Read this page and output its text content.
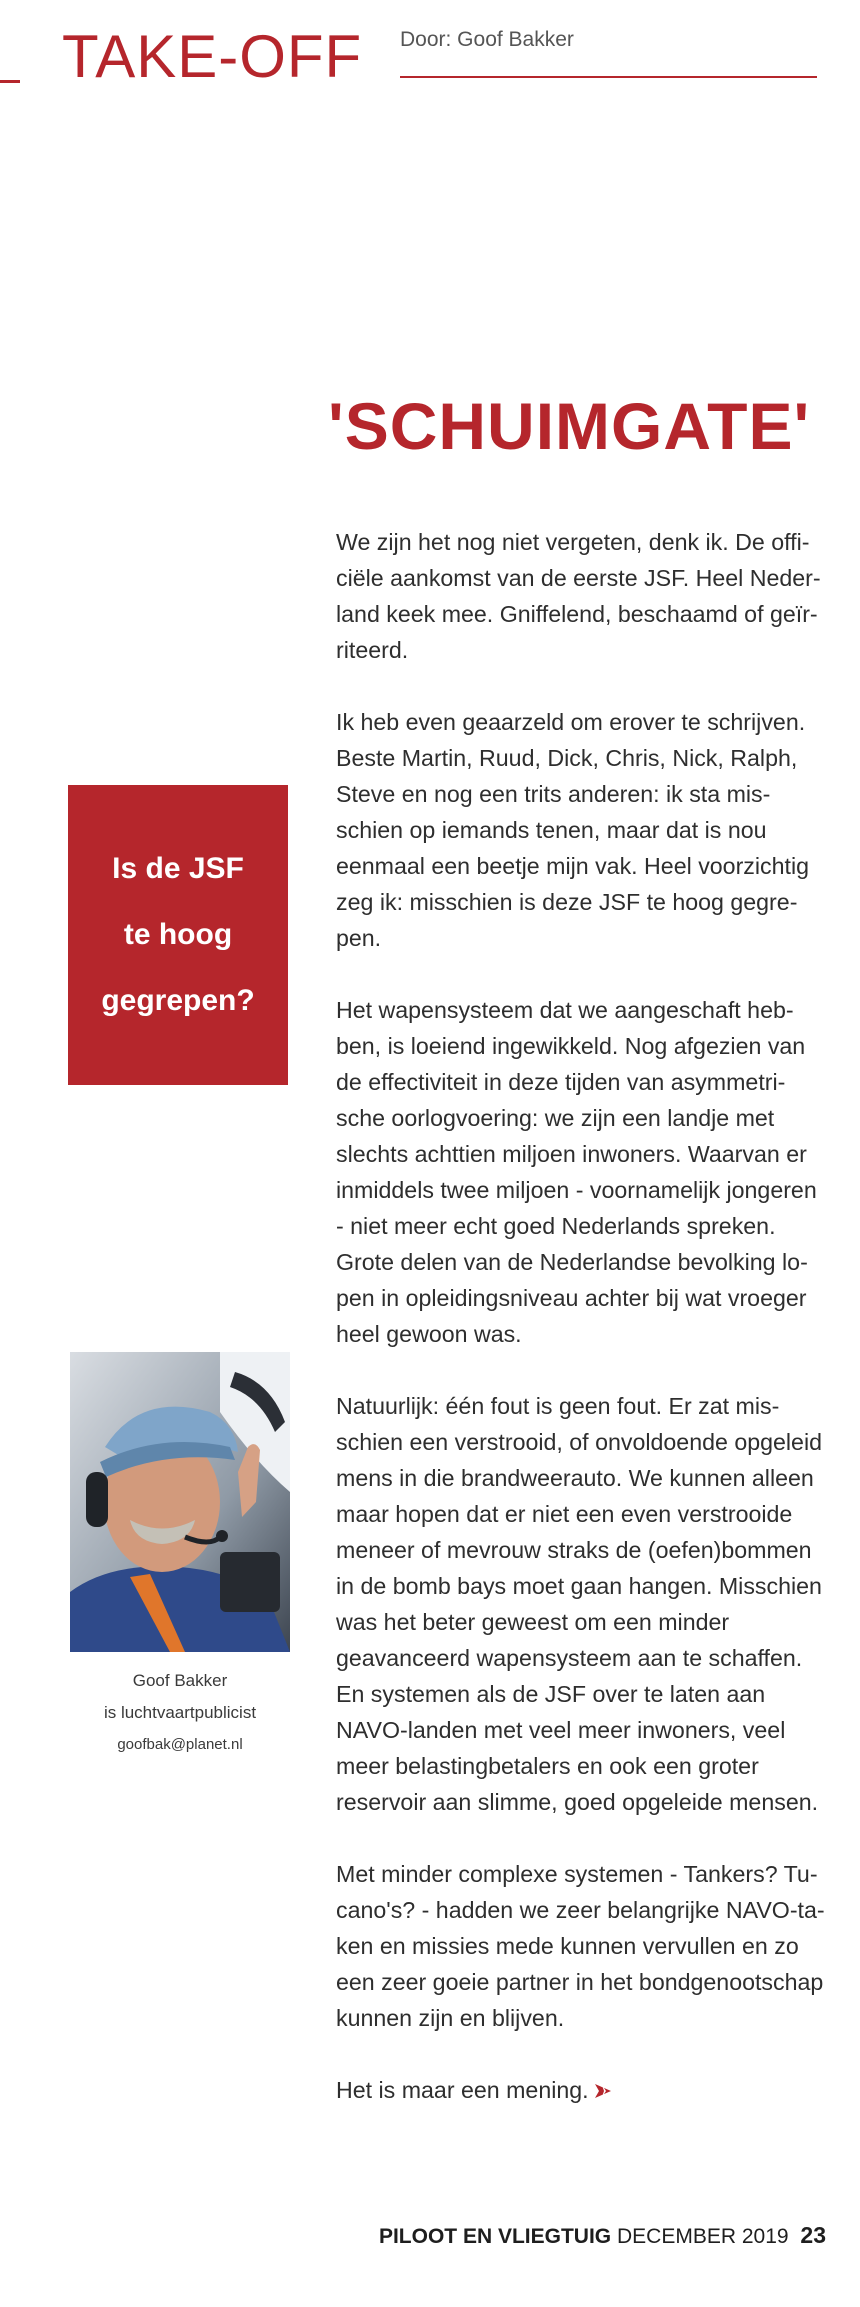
TAKE-OFF Door: Goof Bakker
'SCHUIMGATE'
Is de JSF
te hoog
gegrepen?
Goof Bakker
is luchtvaartpublicist
goofbak@planet.nl

We zijn het nog niet vergeten, denk ik. De officiële aankomst van de eerste JSF. Heel Nederland keek mee. Gniffelend, beschaamd of geïrriteerd.

Ik heb even geaarzeld om erover te schrijven. Beste Martin, Ruud, Dick, Chris, Nick, Ralph, Steve en nog een trits anderen: ik sta misschien op iemands tenen, maar dat is nou eenmaal een beetje mijn vak. Heel voorzichtig zeg ik: misschien is deze JSF te hoog gegrepen.

Het wapensysteem dat we aangeschaft hebben, is loeiend ingewikkeld. Nog afgezien van de effectiviteit in deze tijden van asymmetrische oorlogvoering: we zijn een landje met slechts achttien miljoen inwoners. Waarvan er inmiddels twee miljoen - voornamelijk jongeren - niet meer echt goed Nederlands spreken. Grote delen van de Nederlandse bevolking lopen in opleidingsniveau achter bij wat vroeger heel gewoon was.

Natuurlijk: één fout is geen fout. Er zat misschien een verstrooid, of onvoldoende opgeleid mens in die brandweerauto. We kunnen alleen maar hopen dat er niet een even verstrooide meneer of mevrouw straks de (oefen)bommen in de bomb bays moet gaan hangen. Misschien was het beter geweest om een minder geavanceerd wapensysteem aan te schaffen. En systemen als de JSF over te laten aan NAVO-landen met veel meer inwoners, veel meer belastingbetalers en ook een groter reservoir aan slimme, goed opgeleide mensen.

Met minder complexe systemen - Tankers? Tucano's? - hadden we zeer belangrijke NAVO-taken en missies mede kunnen vervullen en zo een zeer goeie partner in het bondgenootschap kunnen zijn en blijven.

Het is maar een mening.

PILOOT EN VLIEGTUIG DECEMBER 2019 23
